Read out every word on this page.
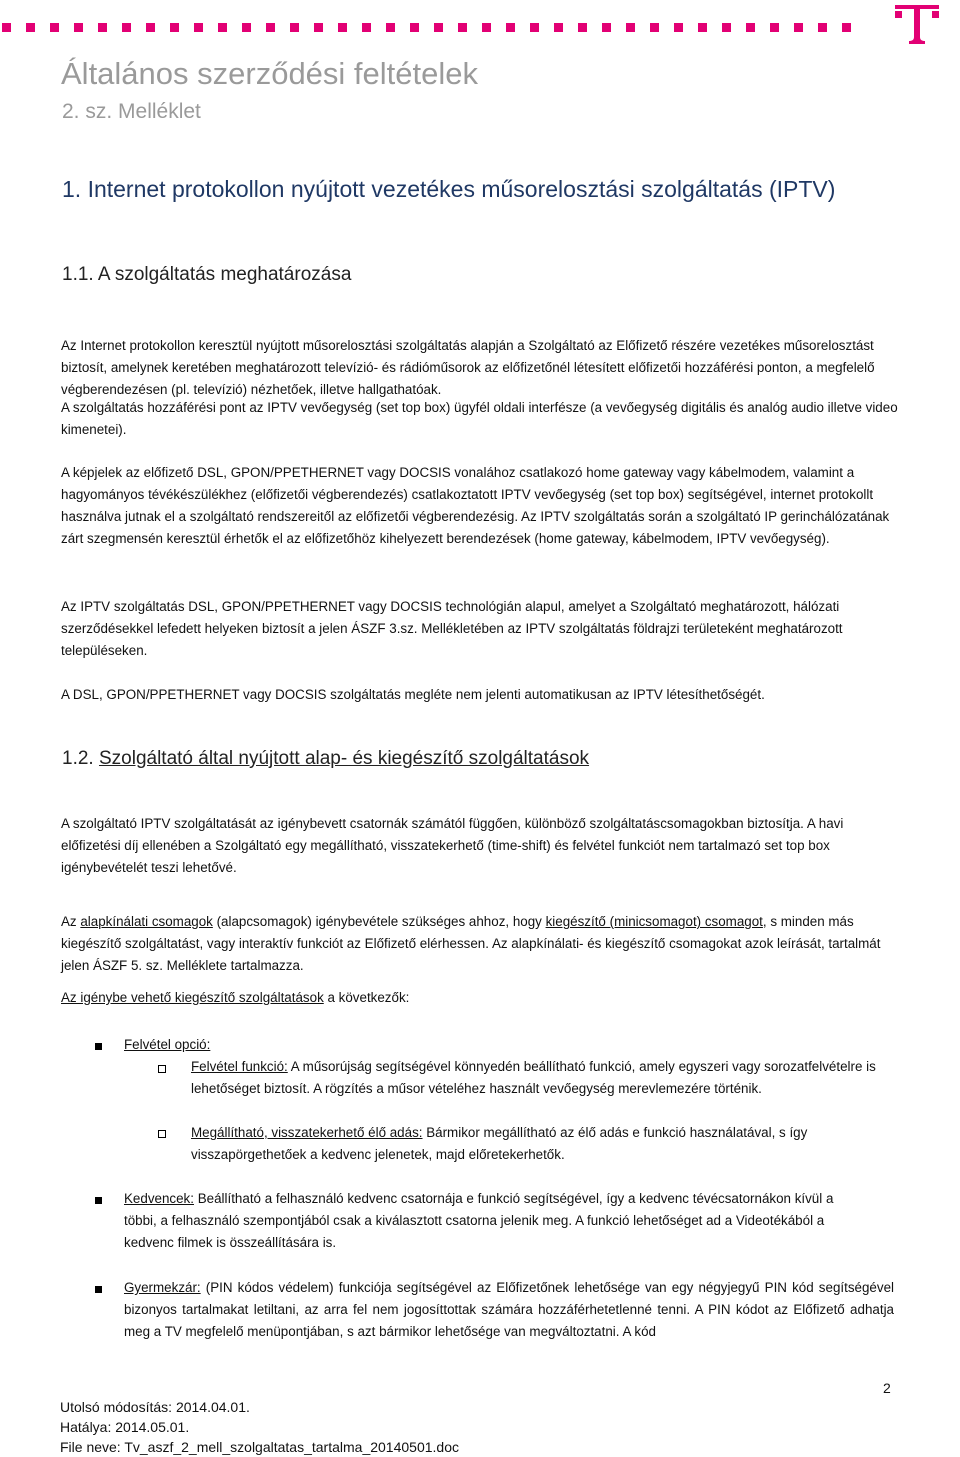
Általános szerződési feltételek
2. sz. Melléklet
1. Internet protokollon nyújtott vezetékes műsorelosztási szolgáltatás (IPTV)
1.1. A szolgáltatás meghatározása

Az Internet protokollon keresztül nyújtott műsorelosztási szolgáltatás alapján a Szolgáltató az Előfizető részére vezetékes műsorelosztást biztosít, amelynek keretében meghatározott televízió- és rádióműsorok az előfizetőnél létesített előfizetői hozzáférési ponton, a megfelelő végberendezésen (pl. televízió) nézhetőek, illetve hallgathatóak.

A szolgáltatás hozzáférési pont az IPTV vevőegység (set top box) ügyfél oldali interfésze (a vevőegység digitális és analóg audio illetve video kimenetei).

A képjelek az előfizető DSL, GPON/PPETHERNET vagy DOCSIS vonalához csatlakozó home gateway vagy kábelmodem, valamint a hagyományos tévékészülékhez (előfizetői végberendezés) csatlakoztatott IPTV vevőegység (set top box) segítségével, internet protokollt használva jutnak el a szolgáltató rendszereitől az előfizetői végberendezésig. Az IPTV szolgáltatás során a szolgáltató IP gerinchálózatának zárt szegmensén keresztül érhetők el az előfizetőhöz kihelyezett berendezések (home gateway, kábelmodem, IPTV vevőegység).

Az IPTV szolgáltatás DSL, GPON/PPETHERNET vagy DOCSIS technológián alapul, amelyet a Szolgáltató meghatározott, hálózati szerződésekkel lefedett helyeken biztosít a jelen ÁSZF 3.sz. Mellékletében az IPTV szolgáltatás földrajzi területeként meghatározott településeken.

A DSL, GPON/PPETHERNET vagy DOCSIS szolgáltatás megléte nem jelenti automatikusan az IPTV létesíthetőségét.

1.2. Szolgáltató által nyújtott alap- és kiegészítő szolgáltatások

A szolgáltató IPTV szolgáltatását az igénybevett csatornák számától függően, különböző szolgáltatáscsomagokban biztosítja. A havi előfizetési díj ellenében a Szolgáltató egy megállítható, visszatekerhető (time-shift) és felvétel funkciót nem tartalmazó set top box igénybevételét teszi lehetővé.

Az alapkínálati csomagok (alapcsomagok) igénybevétele szükséges ahhoz, hogy kiegészítő (minicsomagot) csomagot, s minden más kiegészítő szolgáltatást, vagy interaktív funkciót az Előfizető elérhessen. Az alapkínálati- és kiegészítő csomagokat azok leírását, tartalmát jelen ÁSZF 5. sz. Melléklete tartalmazza.

Az igénybe vehető kiegészítő szolgáltatások a következők:

Felvétel opció:

Felvétel funkció: A műsorújság segítségével könnyedén beállítható funkció, amely egyszeri vagy sorozatfelvételre is lehetőséget biztosít. A rögzítés a műsor vételéhez használt vevőegység merevlemezére történik.

Megállítható, visszatekerhető élő adás: Bármikor megállítható az élő adás e funkció használatával, s így visszapörgethetőek a kedvenc jelenetek, majd előretekerhetők.

Kedvencek: Beállítható a felhasználó kedvenc csatornája e funkció segítségével, így a kedvenc tévécsatornákon kívül a többi, a felhasználó szempontjából csak a kiválasztott csatorna jelenik meg. A funkció lehetőséget ad a Videotékából a kedvenc filmek is összeállítására is.

Gyermekzár: (PIN kódos védelem) funkciója segítségével az Előfizetőnek lehetősége van egy négyjegyű PIN kód segítségével bizonyos tartalmakat letiltani, az arra fel nem jogosíttottak számára hozzáférhetetlenné tenni. A PIN kódot az Előfizető adhatja meg a TV megfelelő menüpontjában, s azt bármikor lehetősége van megváltoztatni. A kód

2
Utolsó módosítás: 2014.04.01.
Hatálya: 2014.05.01.
File neve: Tv_aszf_2_mell_szolgaltatas_tartalma_20140501.doc
